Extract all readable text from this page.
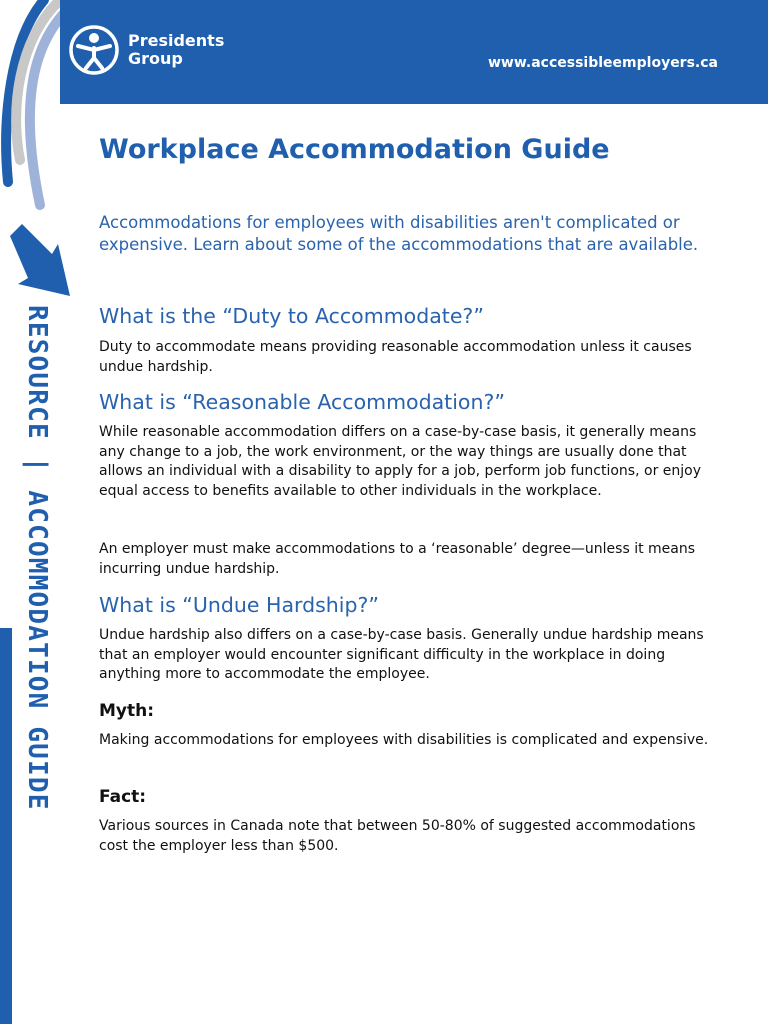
Presidents
Group	www.accessibleemployers.ca
RESOURCE | ACCOMMODATION GUIDE
Workplace Accommodation Guide

Accommodations for employees with disabilities aren't complicated or expensive. Learn about some of the accommodations that are available.

What is the “Duty to Accommodate?”

Duty to accommodate means providing reasonable accommodation unless it causes undue hardship.

What is “Reasonable Accommodation?”

While reasonable accommodation differs on a case-by-case basis, it generally means any change to a job, the work environment, or the way things are usually done that allows an individual with a disability to apply for a job, perform job functions, or enjoy equal access to benefits available to other individuals in the workplace.

An employer must make accommodations to a ‘reasonable’ degree—unless it means incurring undue hardship.

What is “Undue Hardship?”

Undue hardship also differs on a case-by-case basis. Generally undue hardship means that an employer would encounter significant difficulty in the workplace in doing anything more to accommodate the employee.

Myth:

Making accommodations for employees with disabilities is complicated and expensive.

Fact:

Various sources in Canada note that between 50-80% of suggested accommodations cost the employer less than $500.
